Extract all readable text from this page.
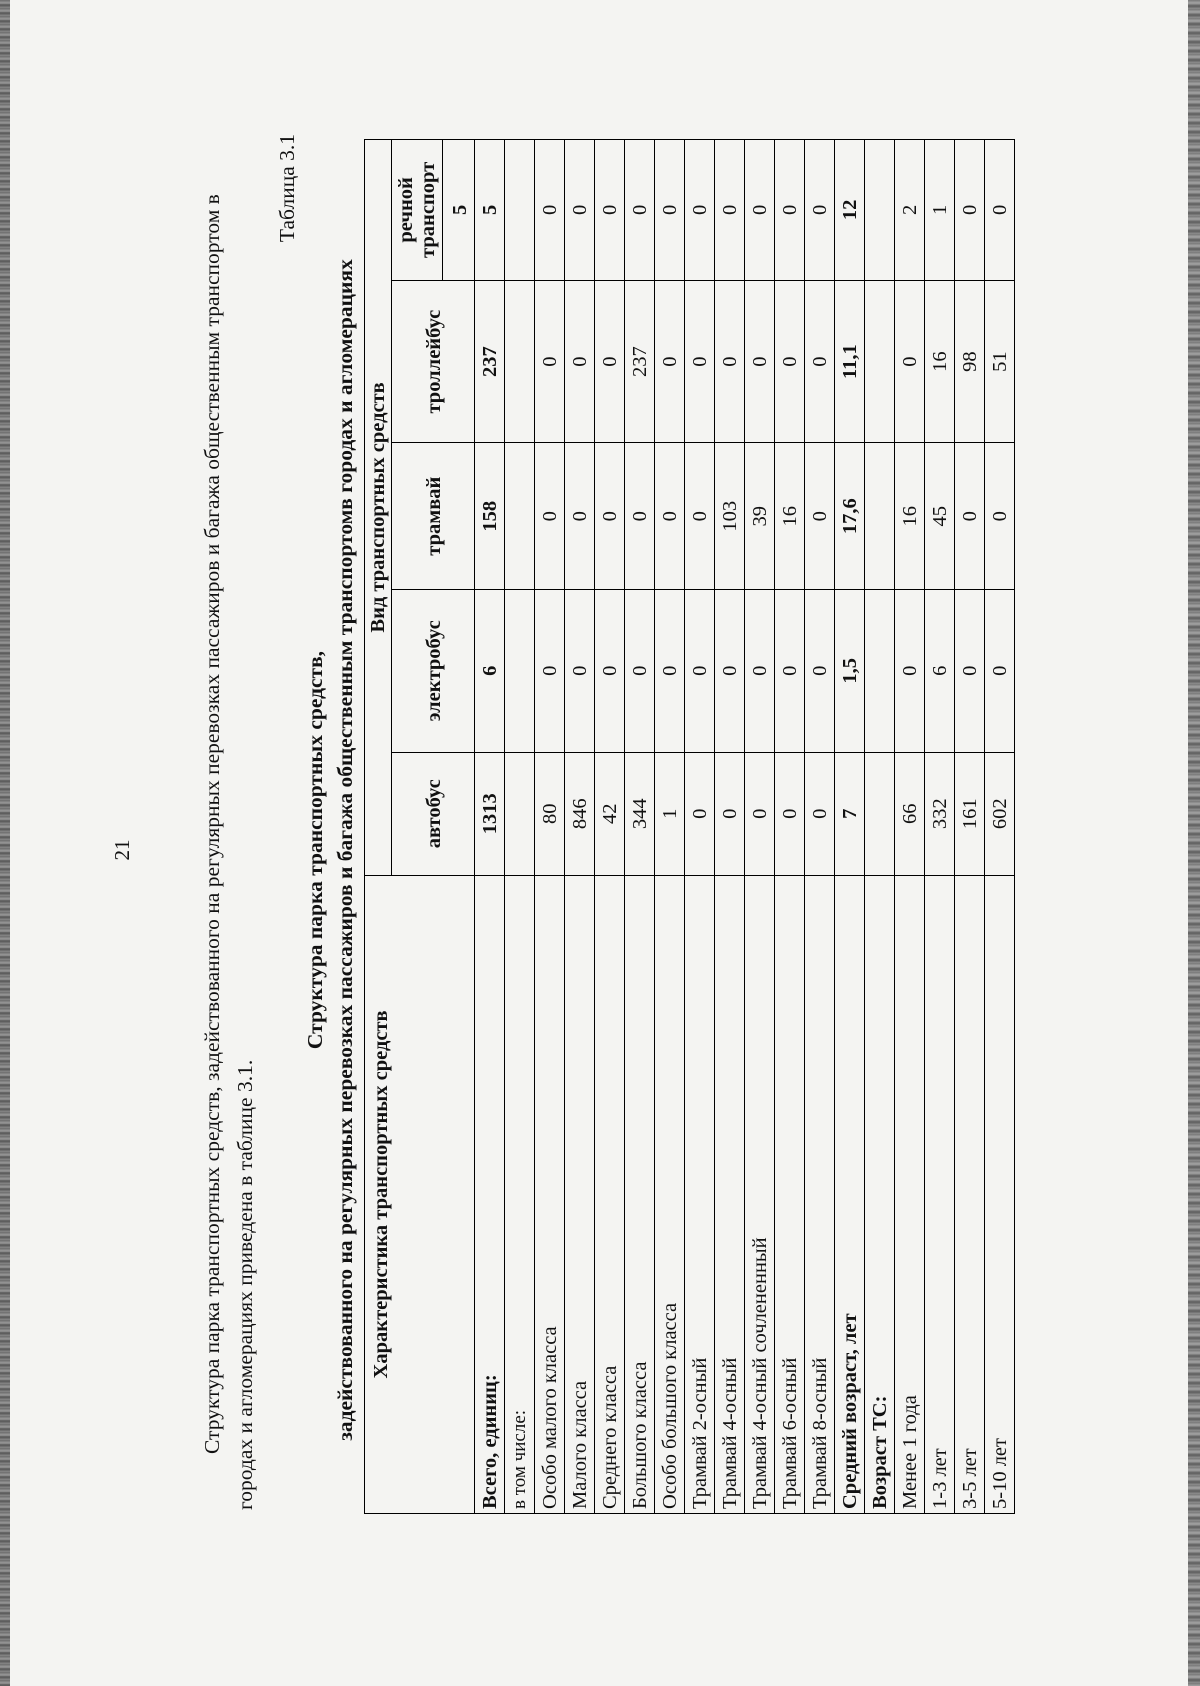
21	Структура парка транспортных средств, задействованного на регулярных перевозках пассажиров и багажа общественным транспортом в городах и агломерациях приведена в таблице 3.1.

Таблица 3.1
Структура парка транспортных средств, задействованного на регулярных перевозках пассажиров и багажа общественным транспортомв городах и агломерациях Характеристика транспортных средств	Вид транспортных средств				
	автобус	электробус	трамвай	троллейбус	речной транспорт
					5
Всего, единиц:	1313	6	158	237	5
в том числе:					
Особо малого класса	80	0	0	0	0
Малого класса	846	0	0	0	0
Среднего класса	42	0	0	0	0
Большого класса	344	0	0	237	0
Особо большого класса	1	0	0	0	0
Трамвай 2-осный	0	0	0	0	0
Трамвай 4-осный	0	0	103	0	0
Трамвай 4-осный сочлененный	0	0	39	0	0
Трамвай 6-осный	0	0	16	0	0
Трамвай 8-осный	0	0	0	0	0
Средний возраст, лет	7	1,5	17,6	11,1	12
Возраст ТС:					
Менее 1 года	66	0	16	0	2
1-3 лет	332	6	45	16	1
3-5 лет	161	0	0	98	0
5-10 лет	602	0	0	51	0
